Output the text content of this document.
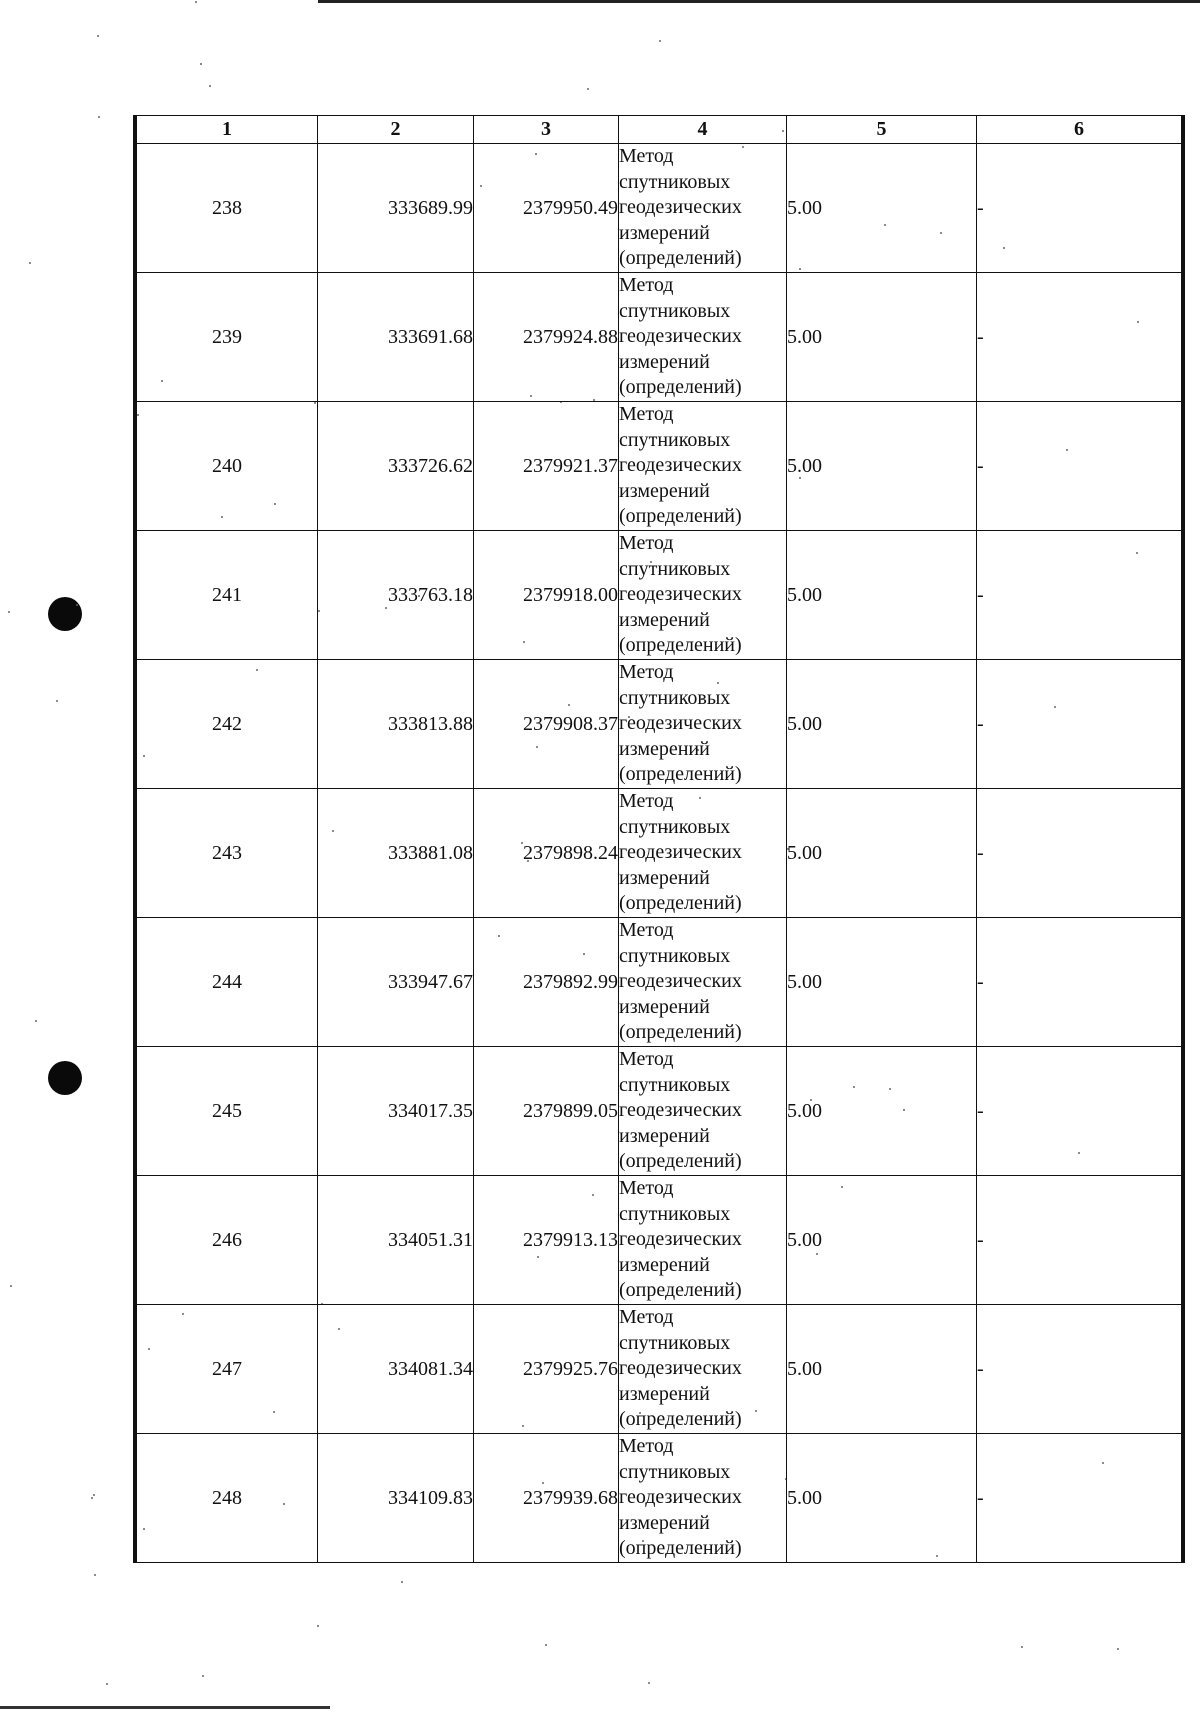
1	2	3	4	5	6
238	333689.99	2379950.49	Метод
спутниковых
геодезических
измерений
(определений)	5.00	-
239	333691.68	2379924.88	Метод
спутниковых
геодезических
измерений
(определений)	5.00	-
240	333726.62	2379921.37	Метод
спутниковых
геодезических
измерений
(определений)	5.00	-
241	333763.18	2379918.00	Метод
спутниковых
геодезических
измерений
(определений)	5.00	-
242	333813.88	2379908.37	Метод
спутниковых
геодезических
измерений
(определений)	5.00	-
243	333881.08	2379898.24	Метод
спутниковых
геодезических
измерений
(определений)	5.00	-
244	333947.67	2379892.99	Метод
спутниковых
геодезических
измерений
(определений)	5.00	-
245	334017.35	2379899.05	Метод
спутниковых
геодезических
измерений
(определений)	5.00	-
246	334051.31	2379913.13	Метод
спутниковых
геодезических
измерений
(определений)	5.00	-
247	334081.34	2379925.76	Метод
спутниковых
геодезических
измерений
(определений)	5.00	-
248	334109.83	2379939.68	Метод
спутниковых
геодезических
измерений
(определений)	5.00	-
